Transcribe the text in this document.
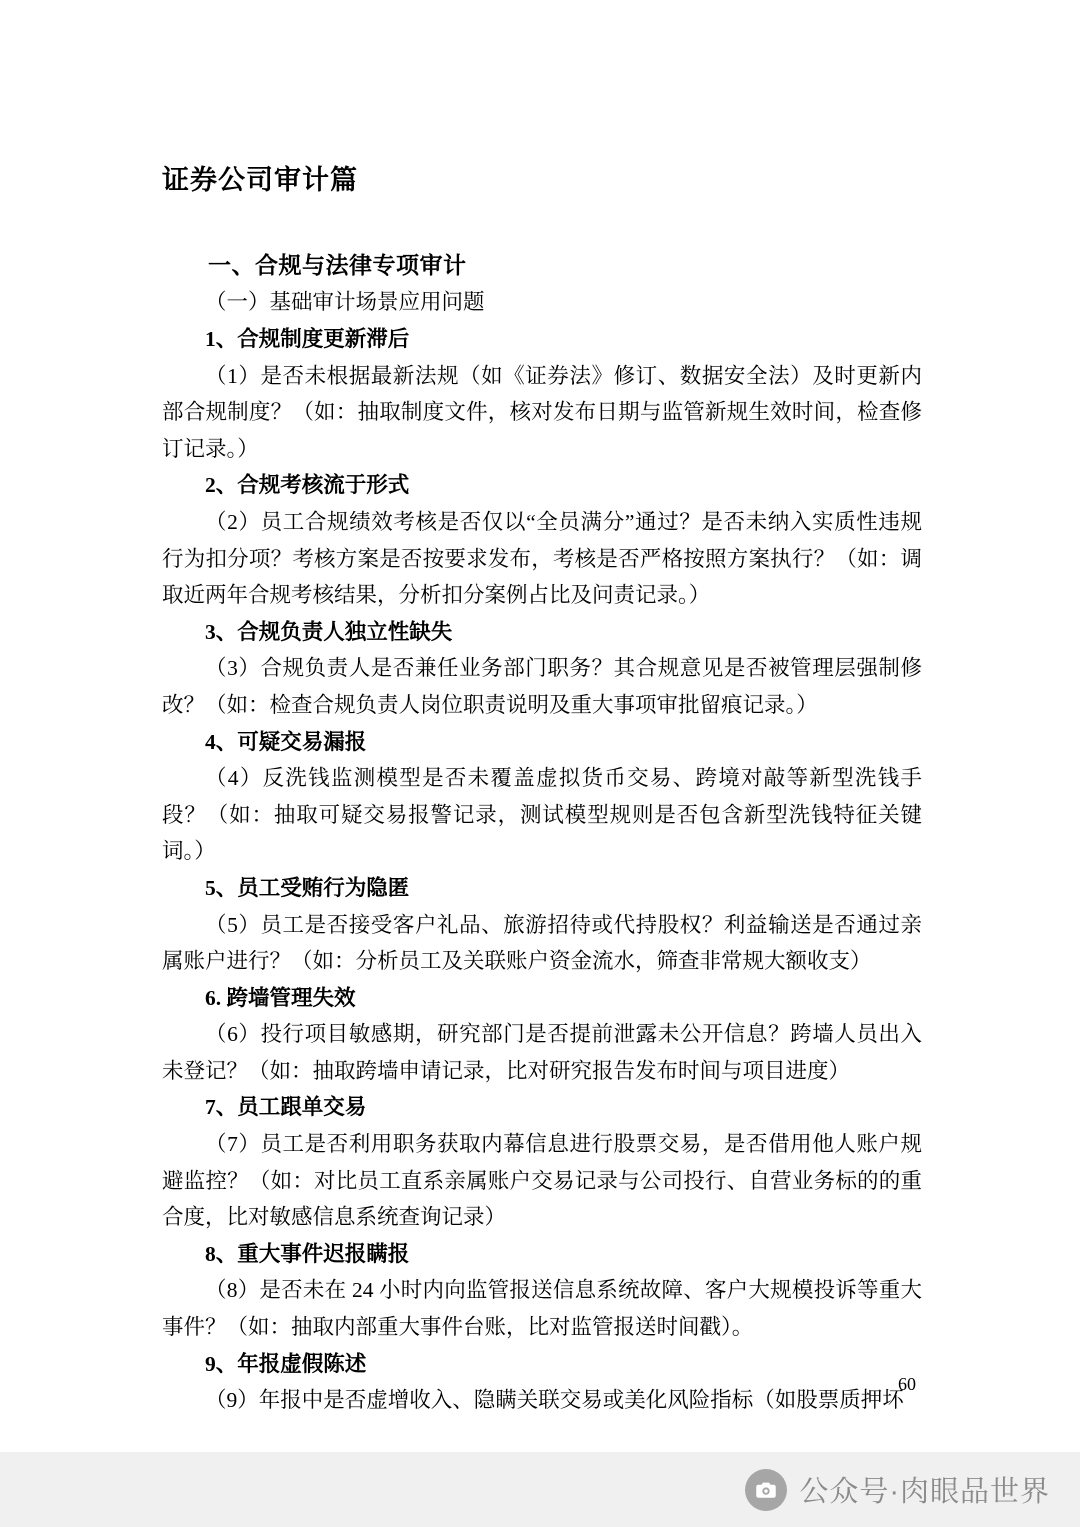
证券公司审计篇
一、合规与法律专项审计

（一）基础审计场景应用问题

1、合规制度更新滞后

（1）是否未根据最新法规（如《证券法》修订、数据安全法）及时更新内部合规制度？（如：抽取制度文件，核对发布日期与监管新规生效时间，检查修订记录。）

2、合规考核流于形式

（2）员工合规绩效考核是否仅以“全员满分”通过？是否未纳入实质性违规行为扣分项？考核方案是否按要求发布，考核是否严格按照方案执行？（如：调取近两年合规考核结果，分析扣分案例占比及问责记录。）

3、合规负责人独立性缺失

（3）合规负责人是否兼任业务部门职务？其合规意见是否被管理层强制修改？（如：检查合规负责人岗位职责说明及重大事项审批留痕记录。）

4、可疑交易漏报

（4）反洗钱监测模型是否未覆盖虚拟货币交易、跨境对敲等新型洗钱手段？（如：抽取可疑交易报警记录，测试模型规则是否包含新型洗钱特征关键词。）

5、员工受贿行为隐匿

（5）员工是否接受客户礼品、旅游招待或代持股权？利益输送是否通过亲属账户进行？（如：分析员工及关联账户资金流水，筛查非常规大额收支）

6. 跨墙管理失效

（6）投行项目敏感期，研究部门是否提前泄露未公开信息？跨墙人员出入未登记？（如：抽取跨墙申请记录，比对研究报告发布时间与项目进度）

7、员工跟单交易

（7）员工是否利用职务获取内幕信息进行股票交易，是否借用他人账户规避监控？（如：对比员工直系亲属账户交易记录与公司投行、自营业务标的的重合度，比对敏感信息系统查询记录）

8、重大事件迟报瞒报

（8）是否未在 24 小时内向监管报送信息系统故障、客户大规模投诉等重大事件？（如：抽取内部重大事件台账，比对监管报送时间戳）。

9、年报虚假陈述

（9）年报中是否虚增收入、隐瞒关联交易或美化风险指标（如股票质押坏

60
公众号·肉眼品世界
